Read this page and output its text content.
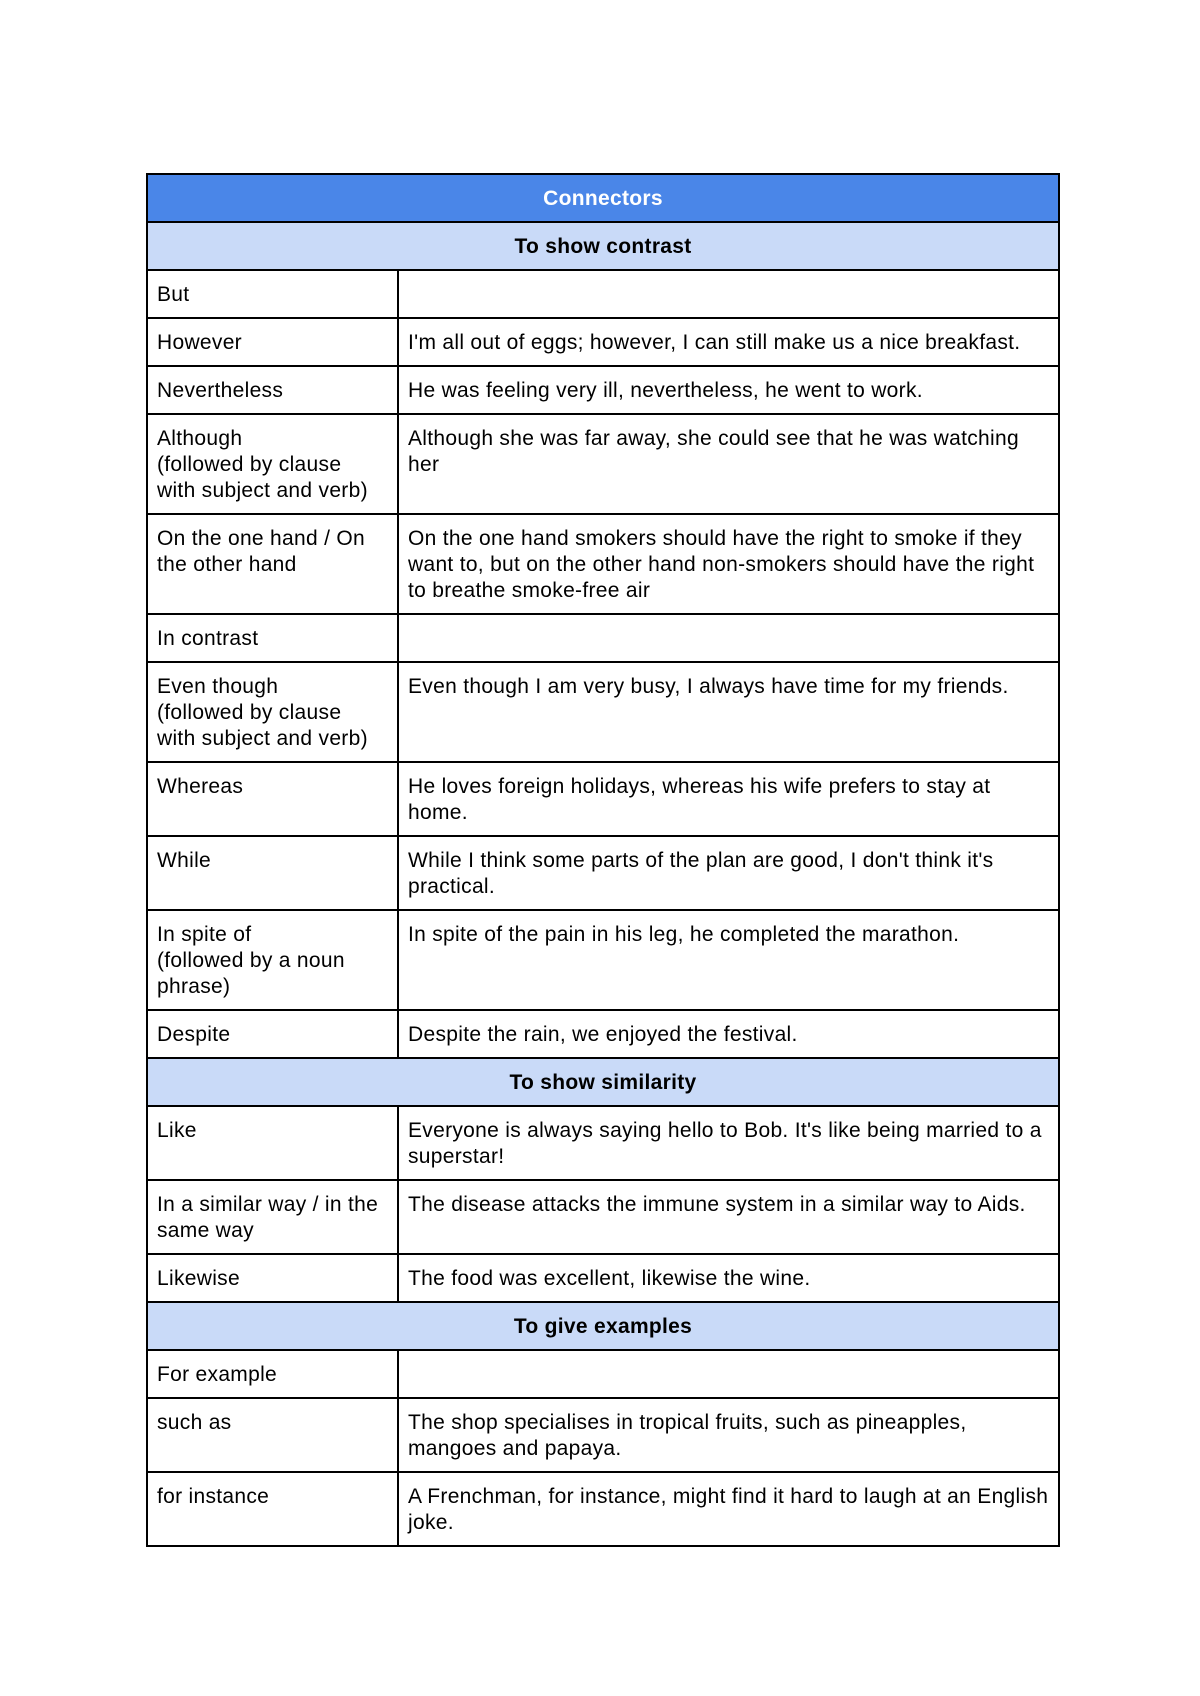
Connectors	
To show contrast	

But	

However	I'm all out of eggs; however, I can still make us a nice breakfast.

Nevertheless	He was feeling very ill, nevertheless, he went to work.

Although
(followed by clause
with subject and verb)	Although she was far away, she could see that he was watching her

On the one hand / On the other hand	On the one hand smokers should have the right to smoke if they want to, but on the other hand non-smokers should have the right to breathe smoke-free air

In contrast	

Even though
(followed by clause
with subject and verb)	Even though I am very busy, I always have time for my friends.

Whereas	He loves foreign holidays, whereas his wife prefers to stay at home.

While	While I think some parts of the plan are good, I don't think it's practical.

In spite of
(followed by a noun
phrase)	In spite of the pain in his leg, he completed the marathon.

Despite	Despite the rain, we enjoyed the festival.
To show similarity	

Like	Everyone is always saying hello to Bob. It's like being married to a superstar!

In a similar way / in the same way	The disease attacks the immune system in a similar way to Aids.

Likewise	The food was excellent, likewise the wine.
To give examples	

For example	

such as	The shop specialises in tropical fruits, such as pineapples, mangoes and papaya.

for instance	A Frenchman, for instance, might find it hard to laugh at an English joke.
